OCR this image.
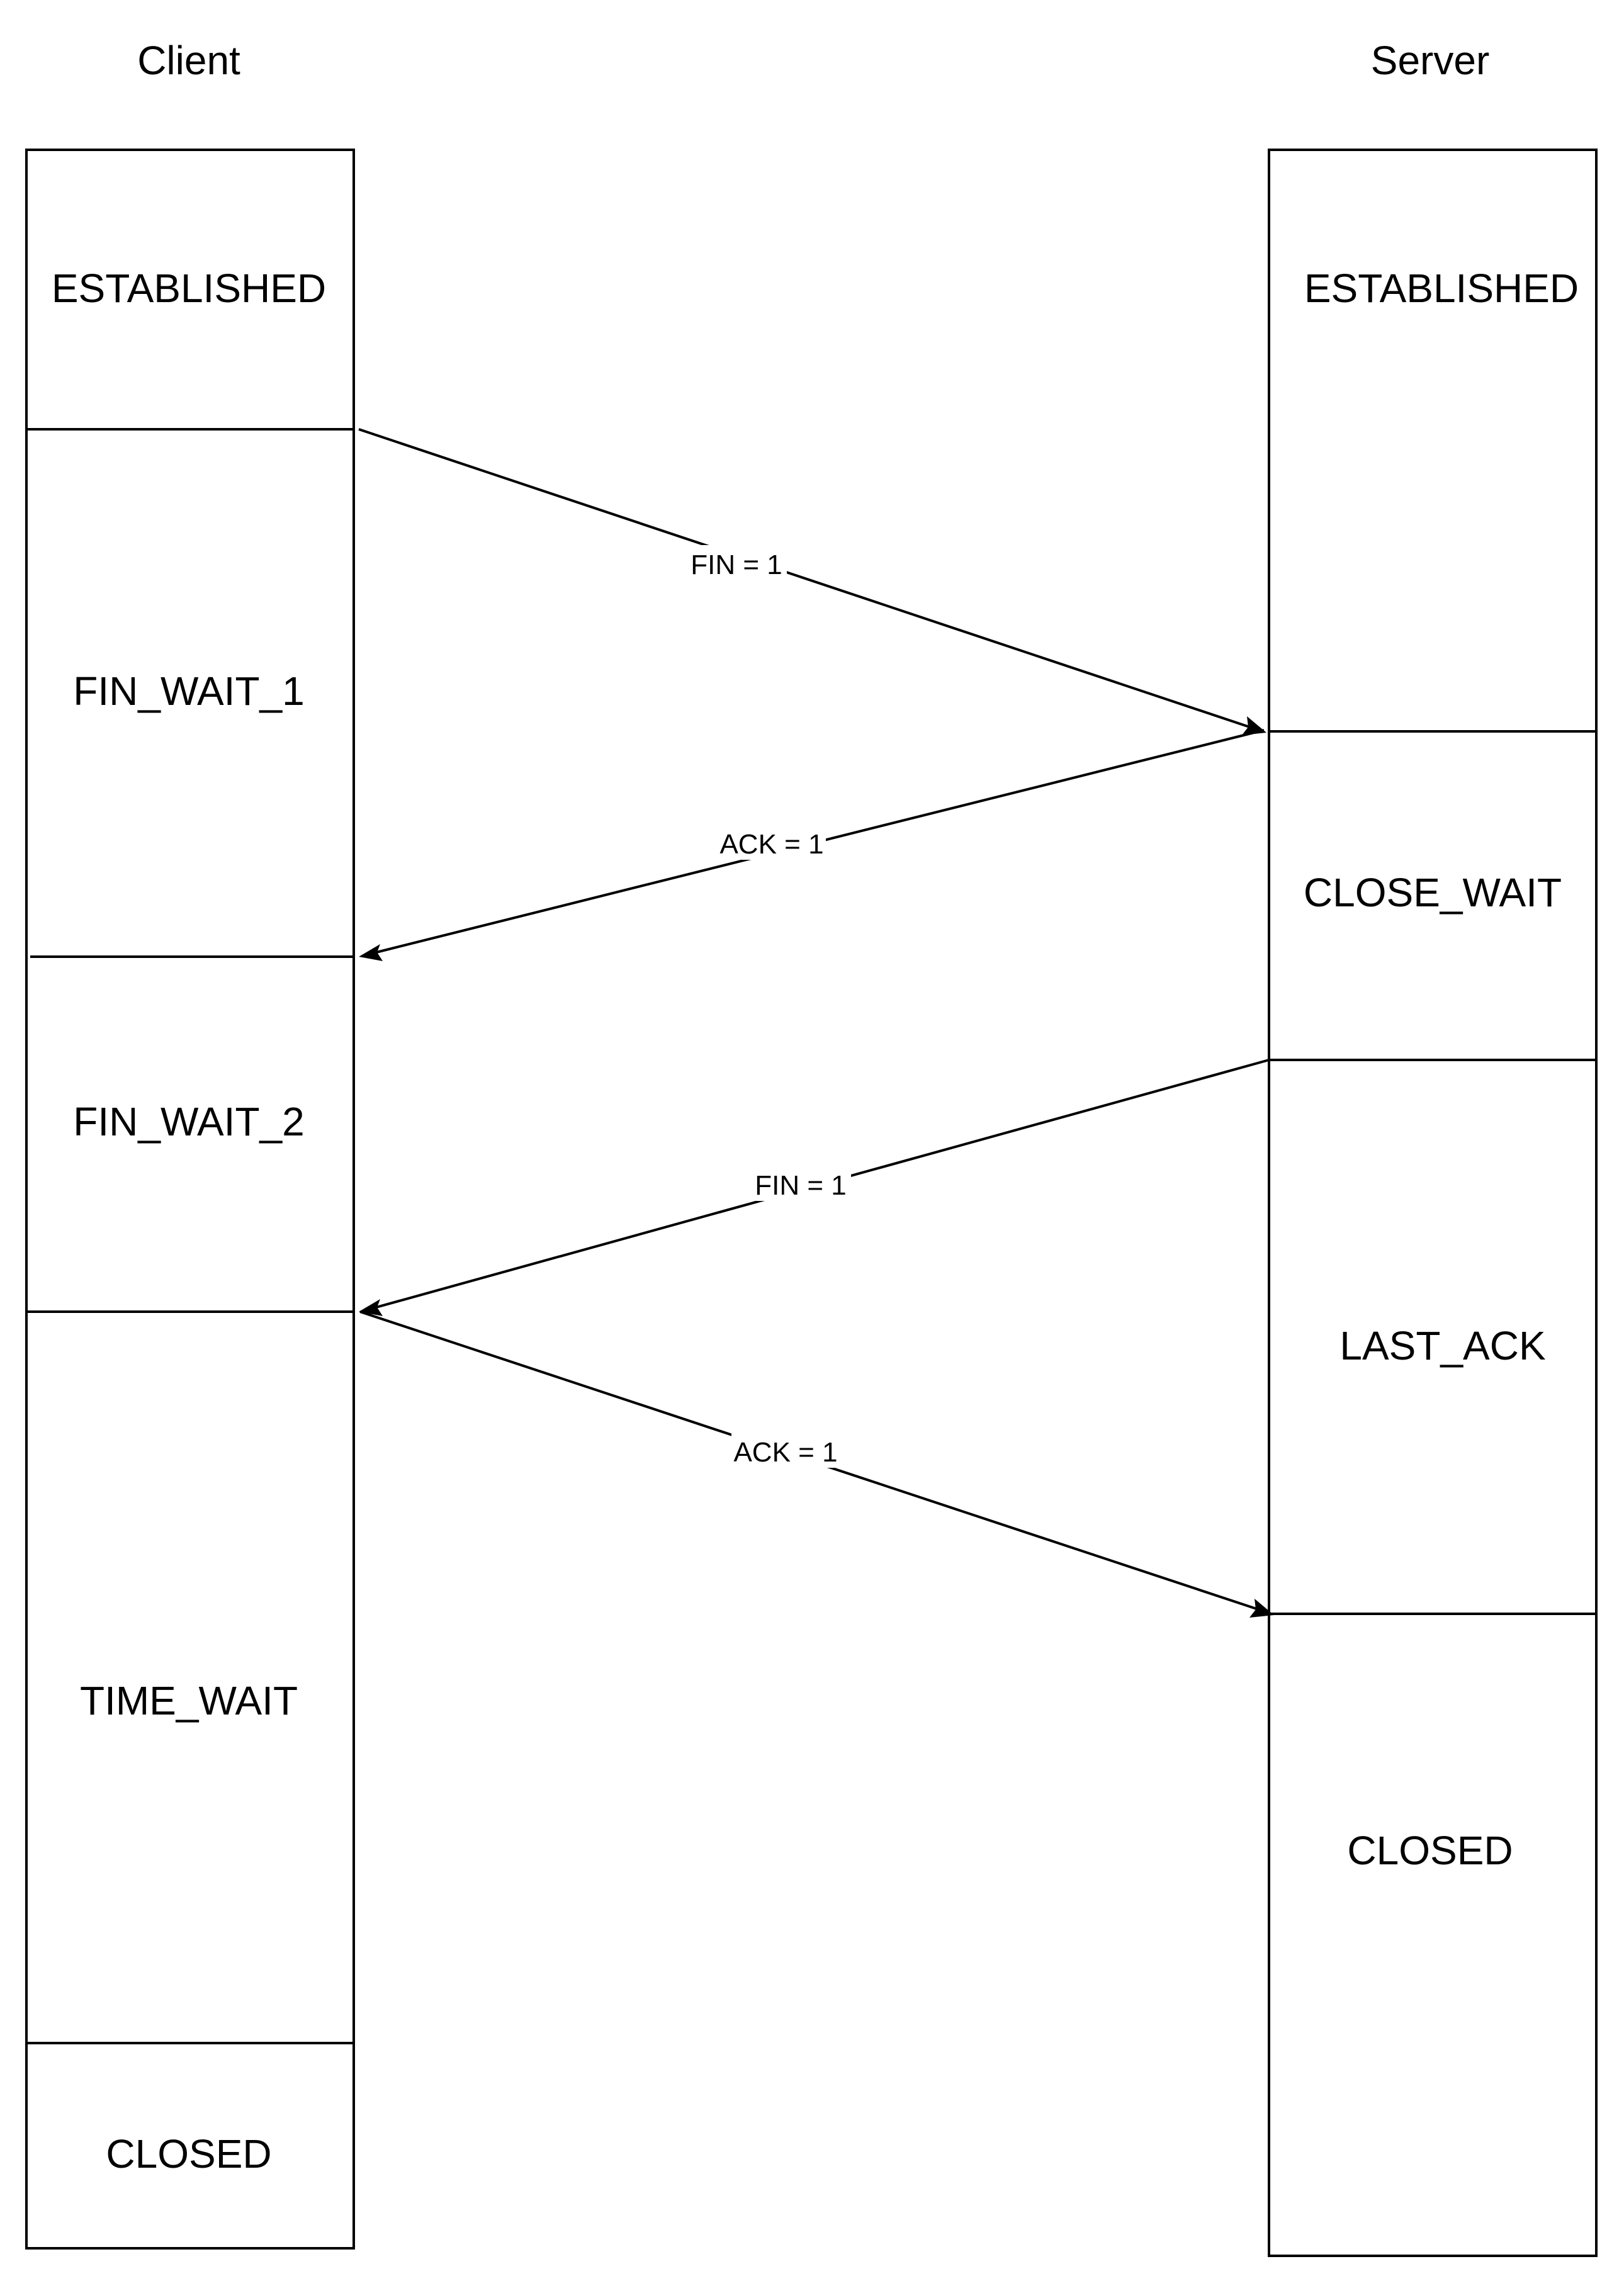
Client	Server
ESTABLISHED
FIN_WAIT_1
FIN_WAIT_2
TIME_WAIT
CLOSED
ESTABLISHED
CLOSE_WAIT
LAST_ACK
CLOSED
FIN = 1
ACK = 1
FIN = 1
ACK = 1
